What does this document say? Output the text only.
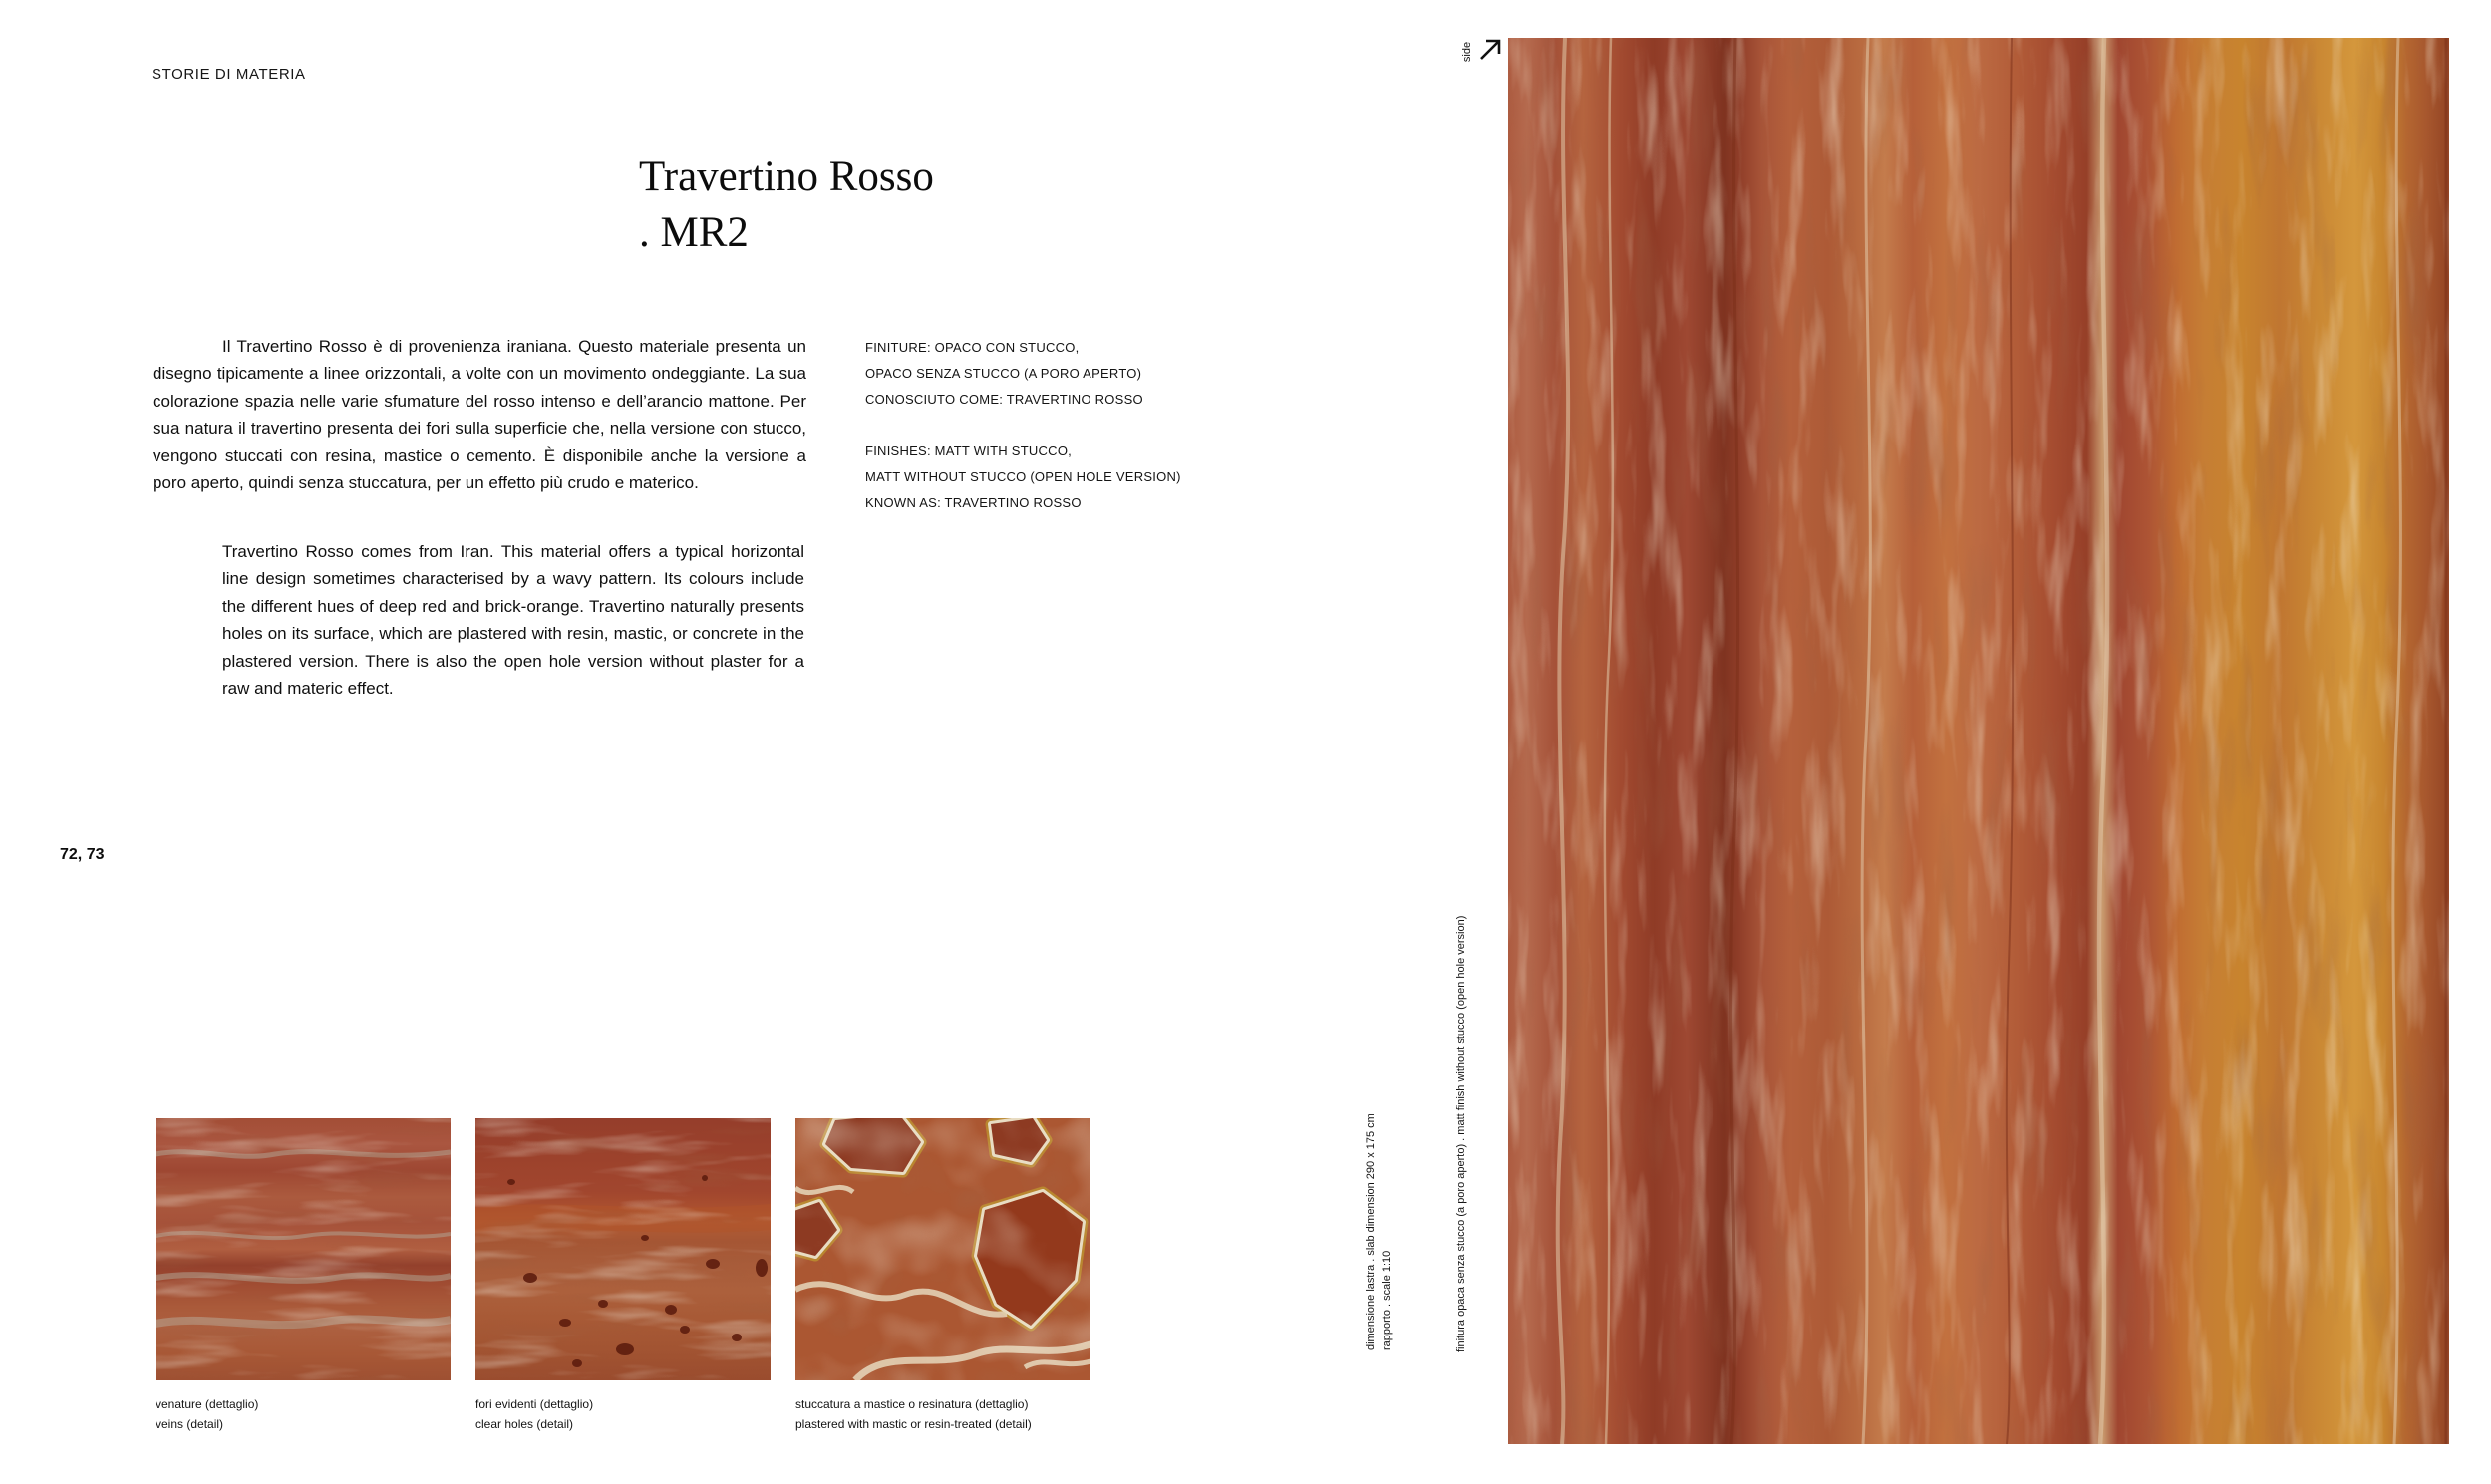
STORIE DI MATERIA
Travertino Rosso
. MR2
Il Travertino Rosso è di provenienza iraniana. Questo materiale presenta un disegno tipicamente a linee orizzontali, a volte con un movimento ondeggiante. La sua colorazione spazia nelle varie sfumature del rosso intenso e dell’arancio mattone. Per sua natura il travertino presenta dei fori sulla superficie che, nella versione con stucco, vengono stuccati con resina, mastice o cemento. È disponibile anche la versione a poro aperto, quindi senza stuccatura, per un effetto più crudo e materico.
FINITURE: OPACO CON STUCCO,
OPACO SENZA STUCCO (A PORO APERTO)
CONOSCIUTO COME: TRAVERTINO ROSSO
FINISHES: MATT WITH STUCCO,
MATT WITHOUT STUCCO (OPEN HOLE VERSION)
KNOWN AS: TRAVERTINO ROSSO
Travertino Rosso comes from Iran. This material offers a typical horizontal line design sometimes characterised by a wavy pattern. Its colours include the different hues of deep red and brick-orange. Travertino naturally presents holes on its surface, which are plastered with resin, mastic, or concrete in the plastered version. There is also the open hole version without plaster for a raw and materic effect.
72, 73
venature (dettaglio)
veins (detail)
fori evidenti (dettaglio)
clear holes (detail)
stuccatura a mastice o resinatura (dettaglio)
plastered with mastic or resin-treated (detail)
side
dimensione lastra . slab dimension 290 x 175 cm rapporto . scale 1:10	finitura opaca senza stucco (a poro aperto) . matt finish without stucco (open hole version)
